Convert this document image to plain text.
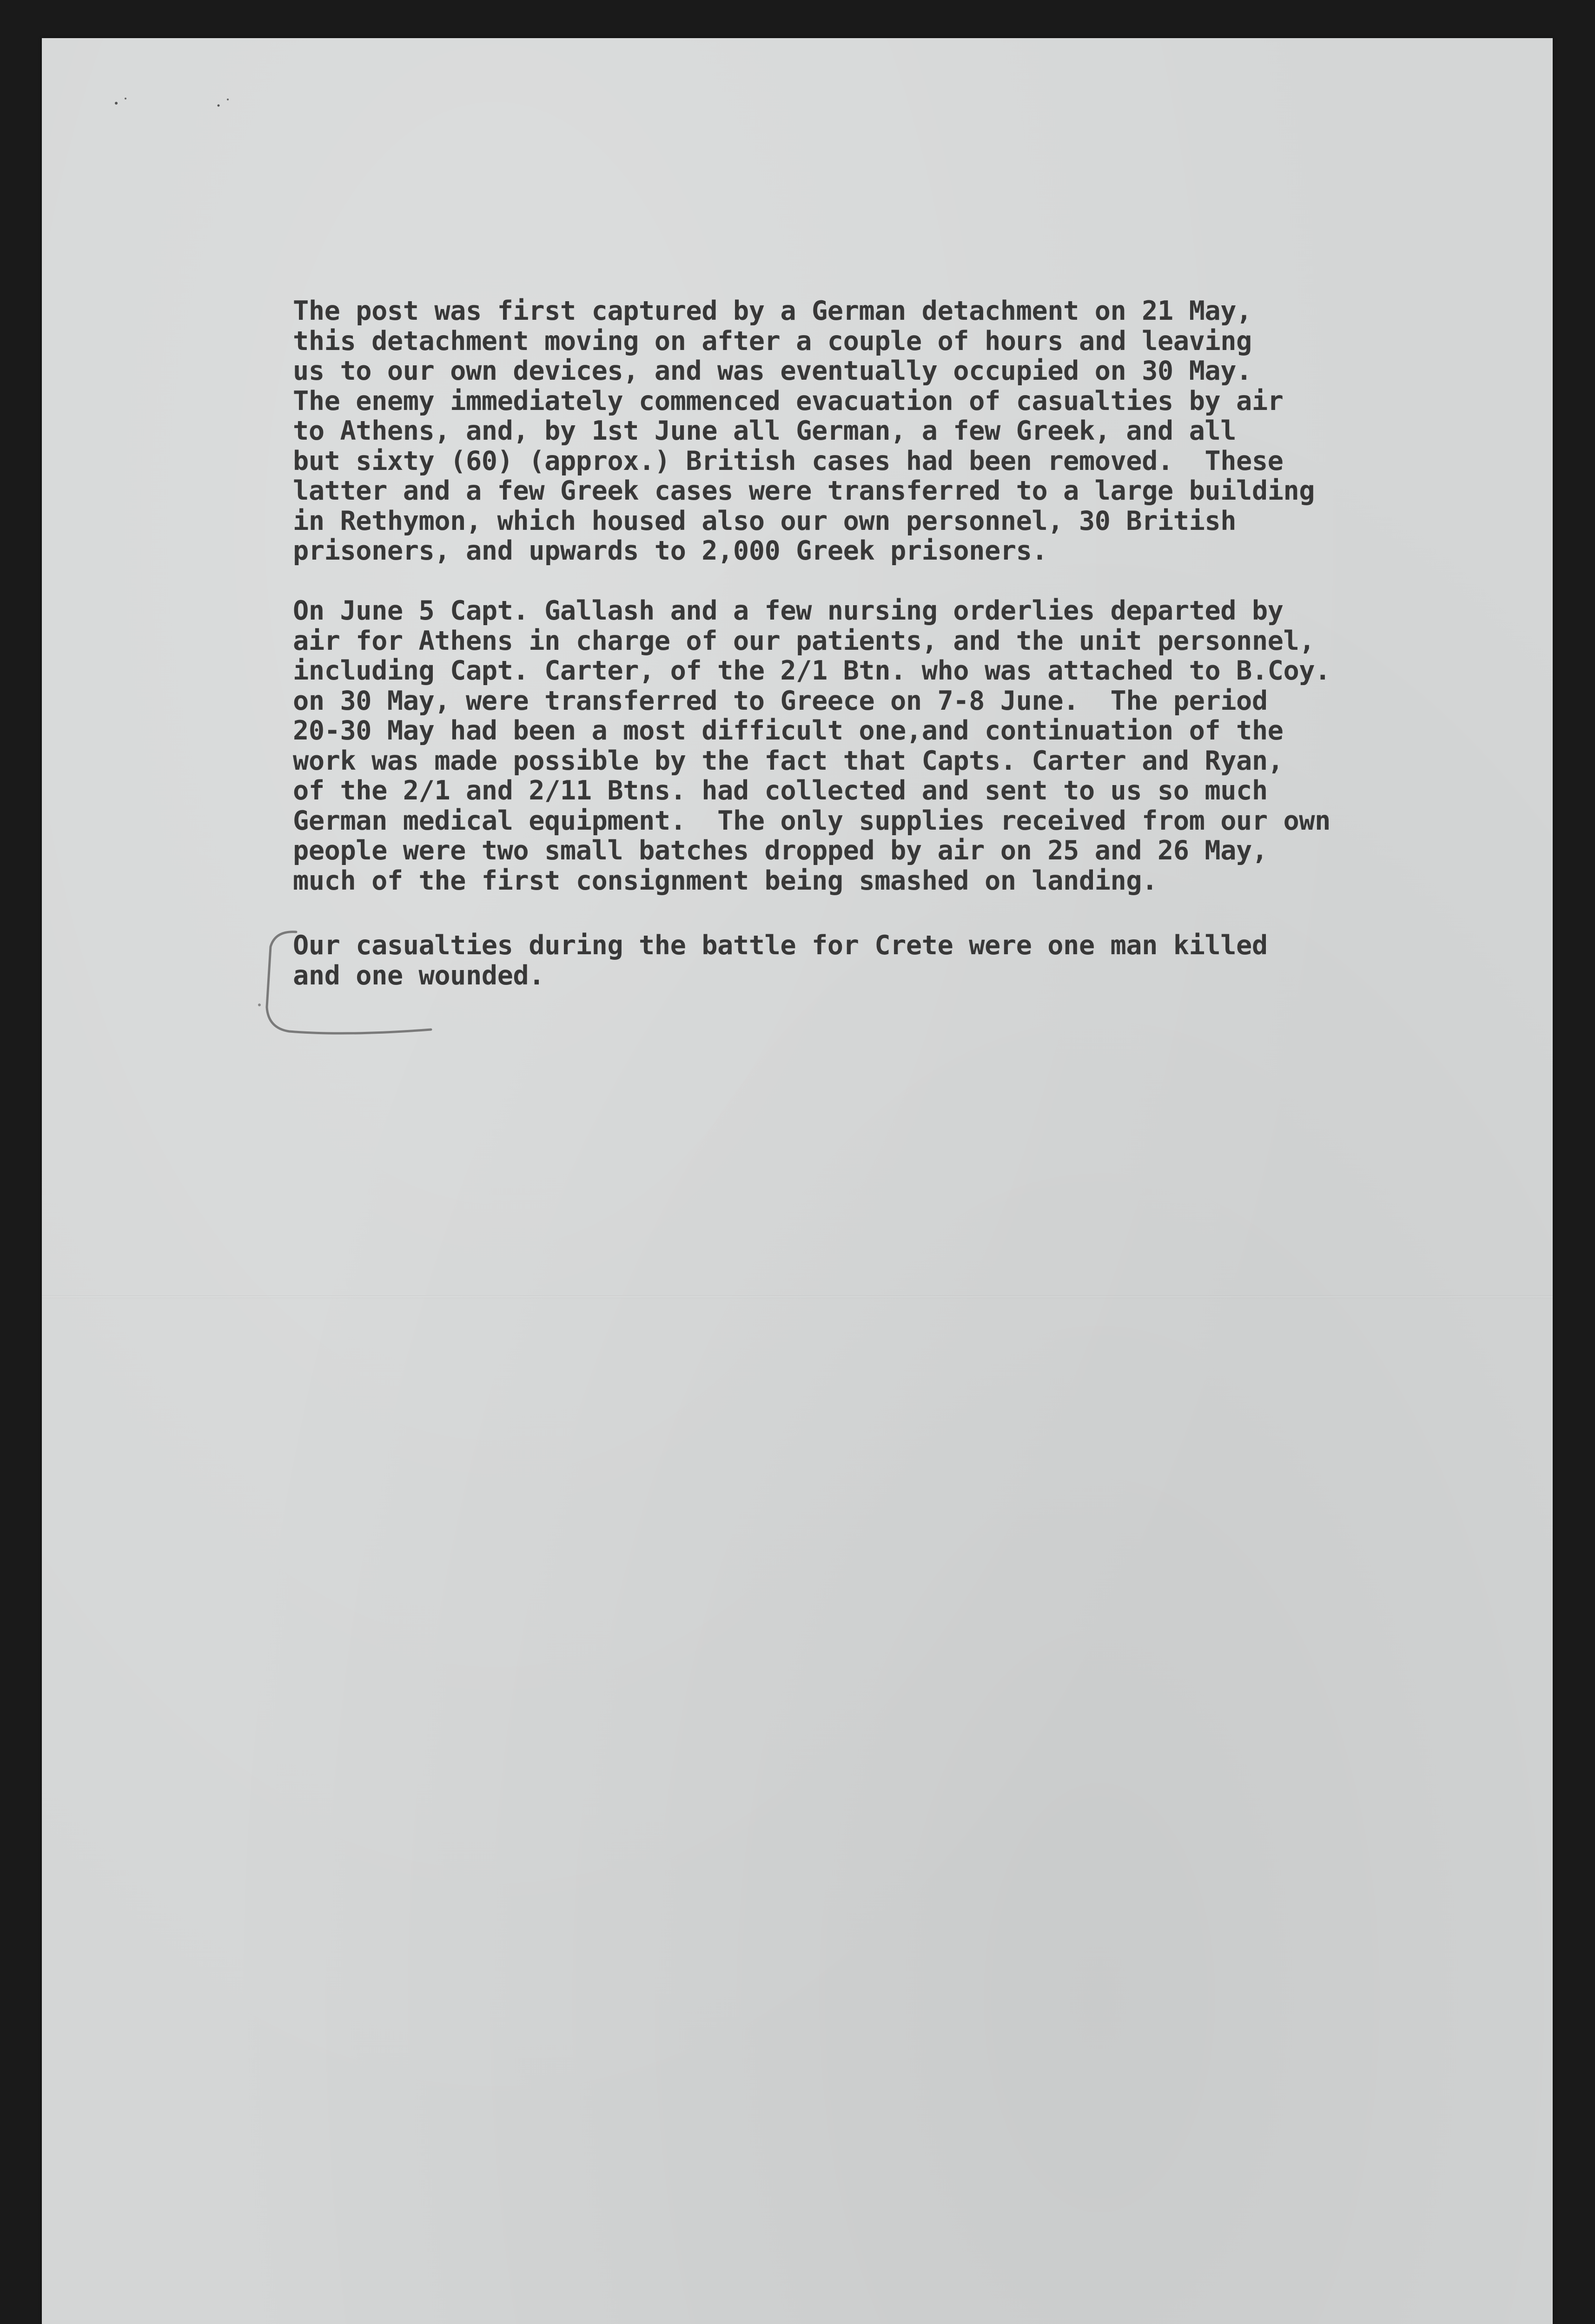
The post was first captured by a German detachment on 21 May,
this detachment moving on after a couple of hours and leaving
us to our own devices, and was eventually occupied on 30 May.
The enemy immediately commenced evacuation of casualties by air
to Athens, and, by 1st June all German, a few Greek, and all
but sixty (60) (approx.) British cases had been removed.  These
latter and a few Greek cases were transferred to a large building
in Rethymon, which housed also our own personnel, 30 British
prisoners, and upwards to 2,000 Greek prisoners.

On June 5 Capt. Gallash and a few nursing orderlies departed by
air for Athens in charge of our patients, and the unit personnel,
including Capt. Carter, of the 2/1 Btn. who was attached to B.Coy.
on 30 May, were transferred to Greece on 7-8 June.  The period
20-30 May had been a most difficult one,and continuation of the
work was made possible by the fact that Capts. Carter and Ryan,
of the 2/1 and 2/11 Btns. had collected and sent to us so much
German medical equipment.  The only supplies received from our own
people were two small batches dropped by air on 25 and 26 May,
much of the first consignment being smashed on landing.

Our casualties during the battle for Crete were one man killed
and one wounded.
